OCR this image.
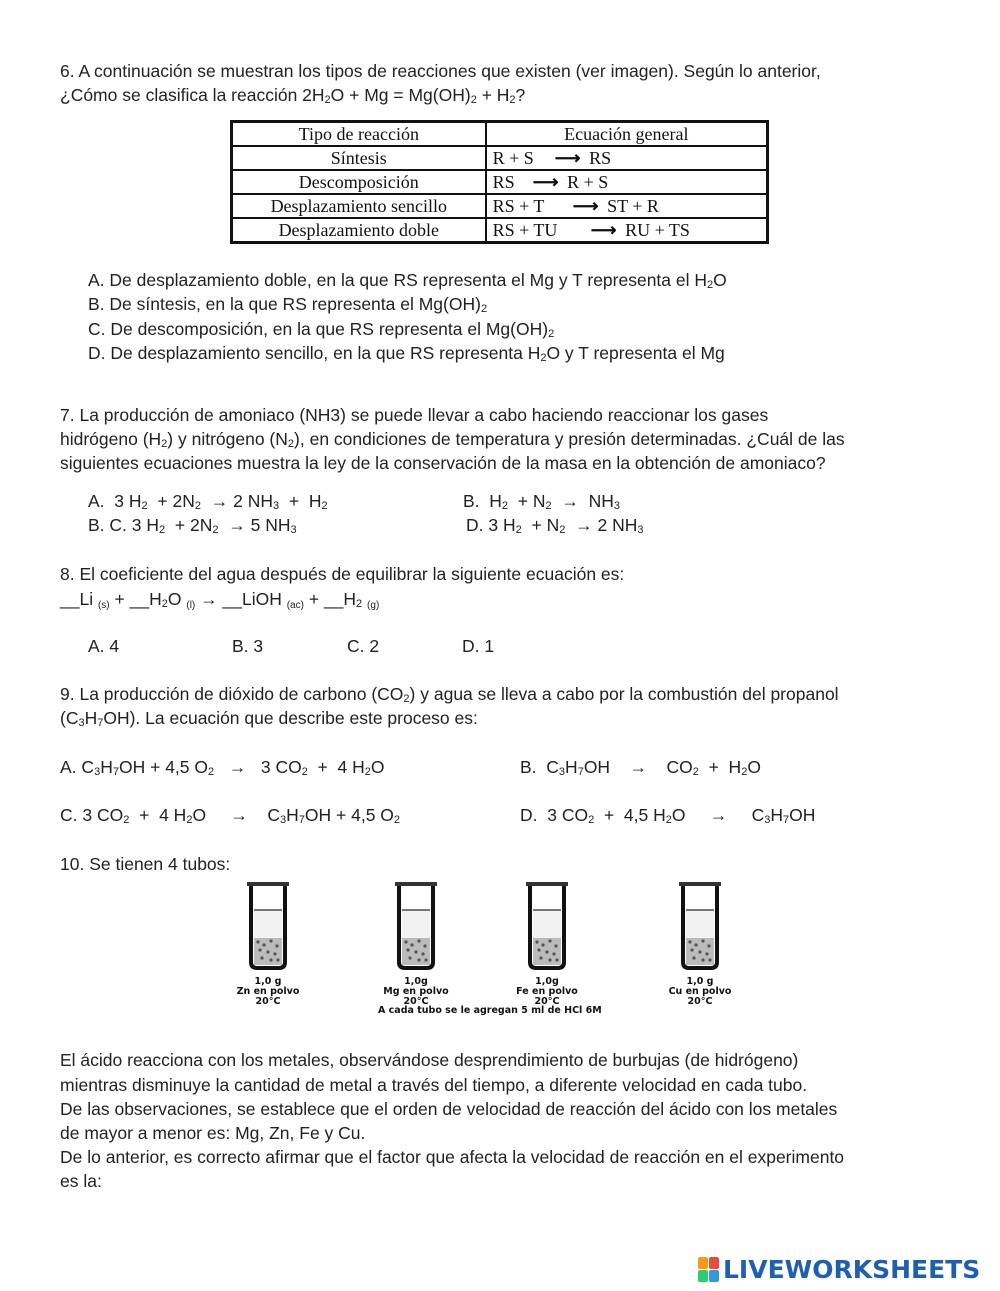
6. A continuación se muestran los tipos de reacciones que existen (ver imagen). Según lo anterior,
¿Cómo se clasifica la reacción $2H_2O + Mg = Mg(OH)_2 + H_2$?
Tipo de reacción	Ecuación general
Síntesis	R + S ⟶ RS
Descomposición	RS ⟶ R + S
Desplazamiento sencillo	RS + T ⟶ ST + R
Desplazamiento doble	RS + TU ⟶ RU + TS
A. De desplazamiento doble, en la que RS representa el Mg y T representa el $H_2O$
B. De síntesis, en la que RS representa el $Mg(OH)_2$
C. De descomposición, en la que RS representa el $Mg(OH)_2$
D. De desplazamiento sencillo, en la que RS representa $H_2O$ y T representa el Mg
7. La producción de amoniaco (NH3) se puede llevar a cabo haciendo reaccionar los gases
hidrógeno $(H_2)$ y nitrógeno $(N_2)$, en condiciones de temperatura y presión determinadas. ¿Cuál de las
siguientes ecuaciones muestra la ley de la conservación de la masa en la obtención de amoniaco?
A. 3 $H_2 + 2N_2 \to 2$ $NH_3 + H_2$	B. $H_2 + N_2 \to NH_3$
B. C. 3 $H_2 + 2N_2 \to 5$ $NH_3$	D. 3 $H_2 + N_2 \to 2$ $NH_3$
8. El coeficiente del agua después de equilibrar la siguiente ecuación es:
__Li $_{(s)} + \_\_H_2O$ $_{(l)}$ → __LiOH $_{(ac)} + \_\_H_2$ $_{(g)}$
A. 4	B. 3	C. 2	D. 1
9. La producción de dióxido de carbono $(CO_2)$ y agua se lleva a cabo por la combustión del propanol
$(C_3H_7OH)$. La ecuación que describe este proceso es:
A. $C_3H_7OH + 4,5$ $O_2 \to 3$ $CO_2 + 4$ $H_2O$	B. $C_3H_7OH \to CO_2 + H_2O$
C. 3 $CO_2 + 4$ $H_2O \to C_3H_7OH + 4,5$ $O_2$	D. 3 $CO_2 + 4,5$ $H_2O \to C_3H_7OH$
10. Se tienen 4 tubos:
1,0 g
Zn en polvo
20°C
1,0g
Mg en polvo
20°C
1,0g
Fe en polvo
20°C
1,0 g
Cu en polvo
20°C
A cada tubo se le agregan 5 ml de HCl 6M
El ácido reacciona con los metales, observándose desprendimiento de burbujas (de hidrógeno)
mientras disminuye la cantidad de metal a través del tiempo, a diferente velocidad en cada tubo.
De las observaciones, se establece que el orden de velocidad de reacción del ácido con los metales
de mayor a menor es: Mg, Zn, Fe y Cu.
De lo anterior, es correcto afirmar que el factor que afecta la velocidad de reacción en el experimento
es la:
LIVEWORKSHEETS
